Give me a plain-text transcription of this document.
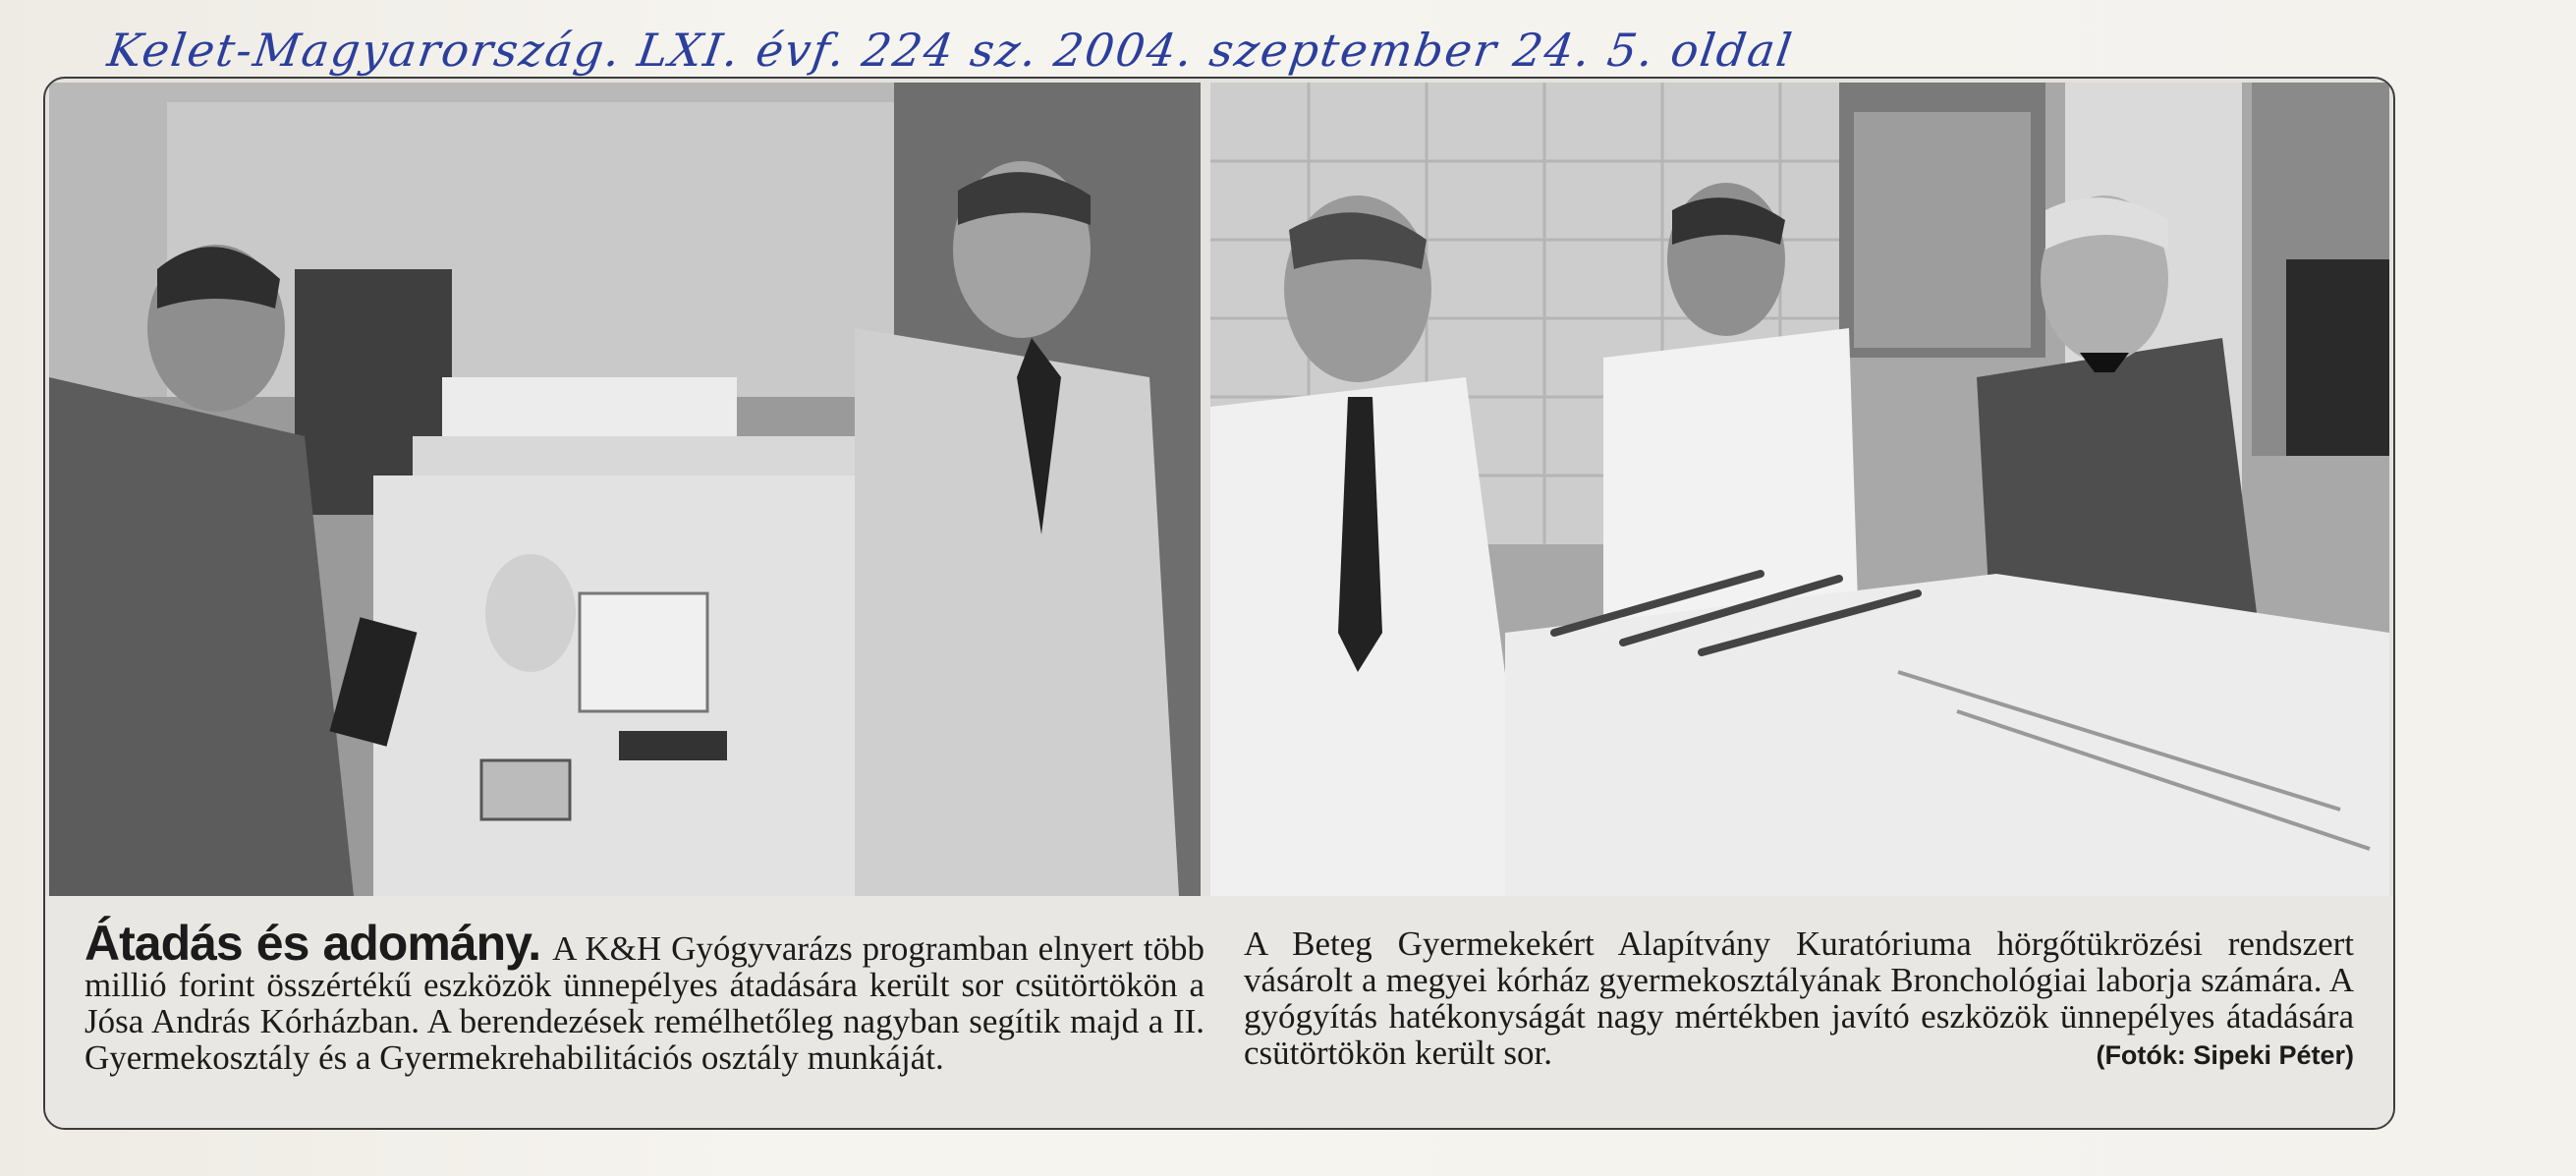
Kelet-Magyarország. LXI. évf. 224 sz. 2004. szeptember 24. 5. oldal
Átadás és adomány. A K&H Gyógyvarázs programban elnyert több millió forint összértékű eszközök ünnepélyes átadására került sor csütörtökön a Jósa András Kórházban. A berendezések remélhetőleg nagyban segítik majd a II. Gyermekosztály és a Gyermekrehabilitációs osztály munkáját.
A Beteg Gyermekekért Alapítvány Kuratóriuma hörgőtükrözési rendszert vásárolt a megyei kórház gyermekosztályának Bronchológiai laborja számára. A gyógyítás hatékonyságát nagy mértékben javító eszközök ünnepélyes átadására csütörtökön került sor.	(Fotók: Sipeki Péter)
